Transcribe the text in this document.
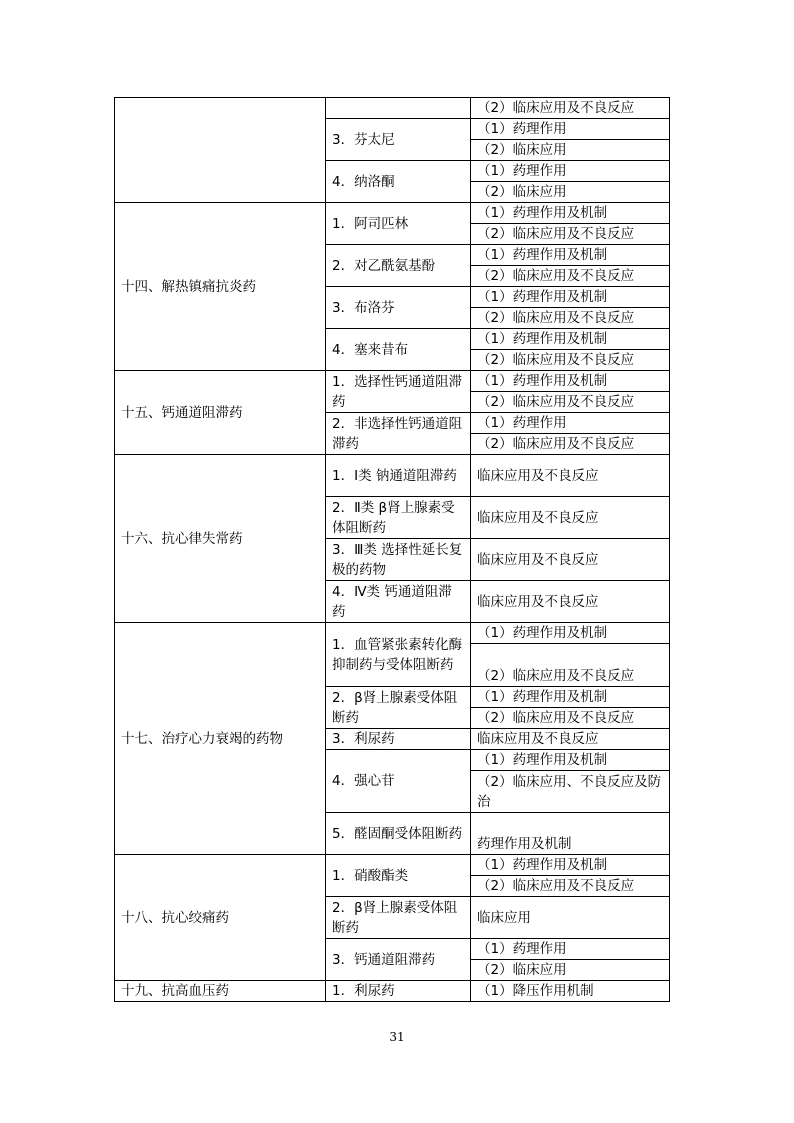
		（2）临床应用及不良反应
	3．芬太尼	（1）药理作用
		（2）临床应用
	4．纳洛酮	（1）药理作用
		（2）临床应用
十四、解热镇痛抗炎药	1．阿司匹林	（1）药理作用及机制
		（2）临床应用及不良反应
	2．对乙酰氨基酚	（1）药理作用及机制
		（2）临床应用及不良反应
	3．布洛芬	（1）药理作用及机制
		（2）临床应用及不良反应
	4．塞来昔布	（1）药理作用及机制
		（2）临床应用及不良反应
十五、钙通道阻滞药	1．选择性钙通道阻滞药	（1）药理作用及机制
		（2）临床应用及不良反应
	2．非选择性钙通道阻滞药	（1）药理作用
		（2）临床应用及不良反应
十六、抗心律失常药	1．Ⅰ类 钠通道阻滞药	临床应用及不良反应
	2．Ⅱ类 β肾上腺素受体阻断药	临床应用及不良反应
	3．Ⅲ类 选择性延长复极的药物	临床应用及不良反应
	4．Ⅳ类 钙通道阻滞药	临床应用及不良反应
十七、治疗心力衰竭的药物	1．血管紧张素转化酶抑制药与受体阻断药	（1）药理作用及机制
		（2）临床应用及不良反应
	2．β肾上腺素受体阻断药	（1）药理作用及机制
		（2）临床应用及不良反应
	3．利尿药	临床应用及不良反应
	4．强心苷	（1）药理作用及机制
		（2）临床应用、不良反应及防治
	5．醛固酮受体阻断药	药理作用及机制
十八、抗心绞痛药	1．硝酸酯类	（1）药理作用及机制
		（2）临床应用及不良反应
	2．β肾上腺素受体阻断药	临床应用
	3．钙通道阻滞药	（1）药理作用
		（2）临床应用
十九、抗高血压药	1．利尿药	（1）降压作用机制
31
